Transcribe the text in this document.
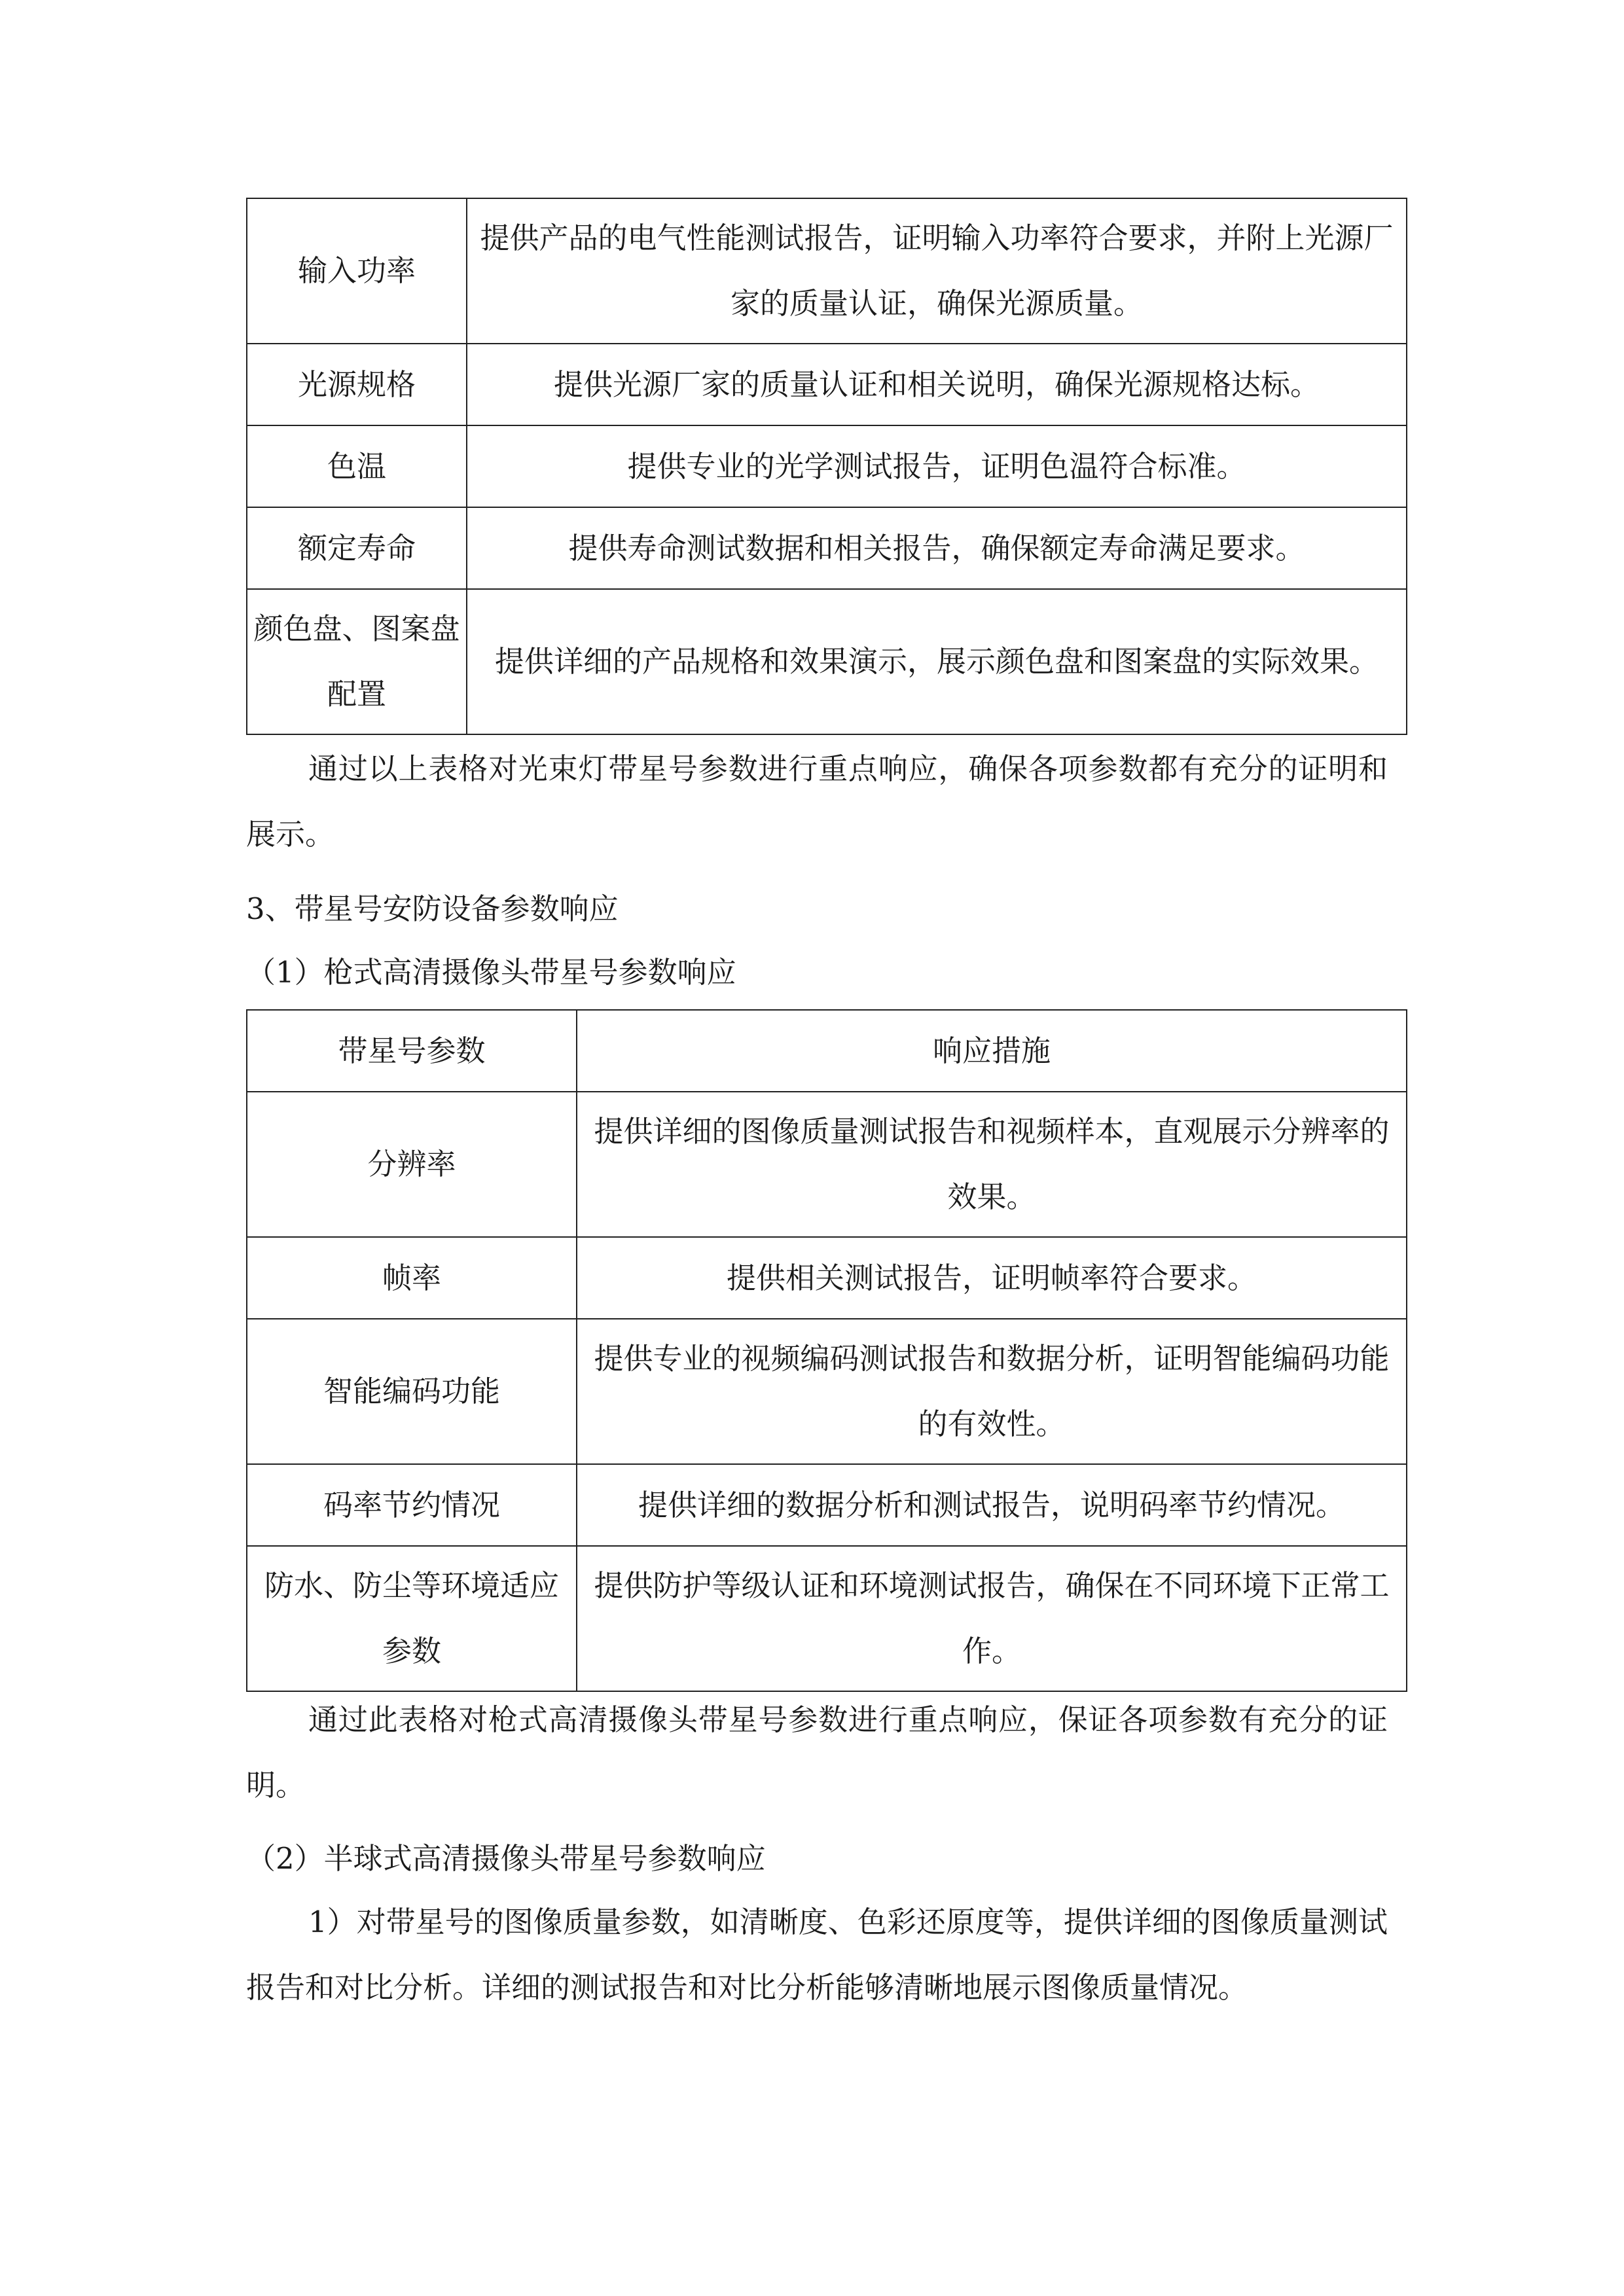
输入功率	提供产品的电气性能测试报告，证明输入功率符合要求，并附上光源厂家的质量认证，确保光源质量。
光源规格	提供光源厂家的质量认证和相关说明，确保光源规格达标。
色温	提供专业的光学测试报告，证明色温符合标准。
额定寿命	提供寿命测试数据和相关报告，确保额定寿命满足要求。
颜色盘、图案盘配置	提供详细的产品规格和效果演示，展示颜色盘和图案盘的实际效果。

通过以上表格对光束灯带星号参数进行重点响应，确保各项参数都有充分的证明和展示。

3、带星号安防设备参数响应

（1）枪式高清摄像头带星号参数响应

带星号参数	响应措施
分辨率	提供详细的图像质量测试报告和视频样本，直观展示分辨率的效果。
帧率	提供相关测试报告，证明帧率符合要求。
智能编码功能	提供专业的视频编码测试报告和数据分析，证明智能编码功能的有效性。
码率节约情况	提供详细的数据分析和测试报告，说明码率节约情况。
防水、防尘等环境适应参数	提供防护等级认证和环境测试报告，确保在不同环境下正常工作。

通过此表格对枪式高清摄像头带星号参数进行重点响应，保证各项参数有充分的证明。

（2）半球式高清摄像头带星号参数响应

1）对带星号的图像质量参数，如清晰度、色彩还原度等，提供详细的图像质量测试报告和对比分析。详细的测试报告和对比分析能够清晰地展示图像质量情况。
